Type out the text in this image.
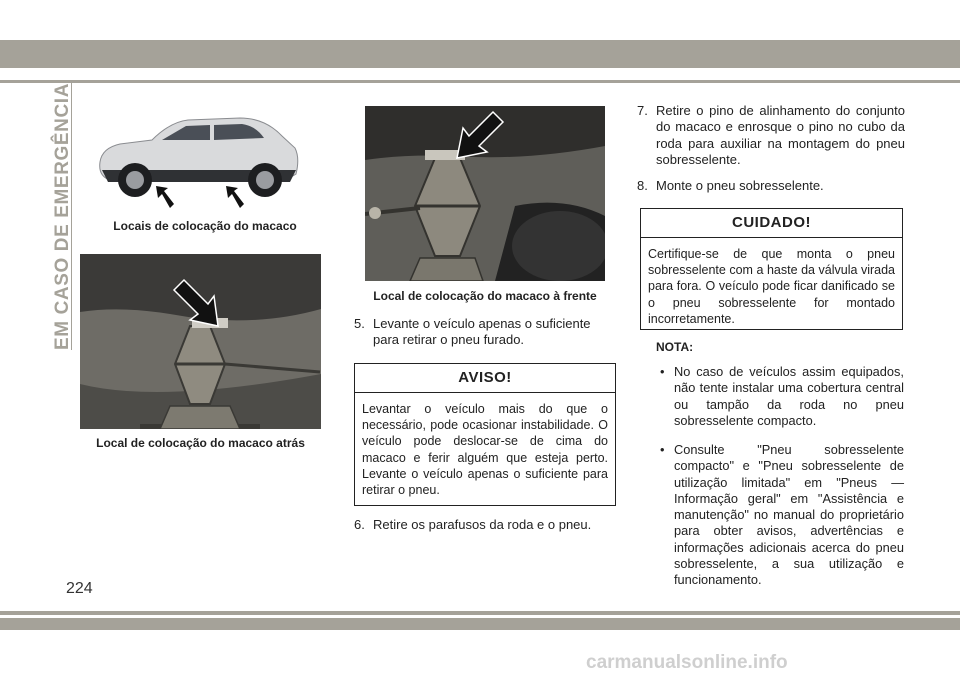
EM CASO DE EMERGÊNCIA	Locais de colocação do macaco
Local de colocação do macaco atrás
Local de colocação do macaco à frente
5. Levante o veículo apenas o suficiente para retirar o pneu furado.
AVISO!
Levantar o veículo mais do que o necessário, pode ocasionar instabilidade. O veículo pode deslocar-se de cima do macaco e ferir alguém que esteja perto. Levante o veículo apenas o suficiente para retirar o pneu.
6. Retire os parafusos da roda e o pneu.
7. Retire o pino de alinhamento do conjunto do macaco e enrosque o pino no cubo da roda para auxiliar na montagem do pneu sobresselente.
8. Monte o pneu sobresselente.
CUIDADO!
Certifique-se de que monta o pneu sobresselente com a haste da válvula virada para fora. O veículo pode ficar danificado se o pneu sobresselente for montado incorretamente.
NOTA:
• No caso de veículos assim equipados, não tente instalar uma cobertura central ou tampão da roda no pneu sobresselente compacto.
• Consulte "Pneu sobresselente compacto" e "Pneu sobresselente de utilização limitada" em "Pneus — Informação geral" em "Assistência e manutenção" no manual do proprietário para obter avisos, advertências e informações adicionais acerca do pneu sobresselente, a sua utilização e funcionamento.
224
carmanualsonline.info
